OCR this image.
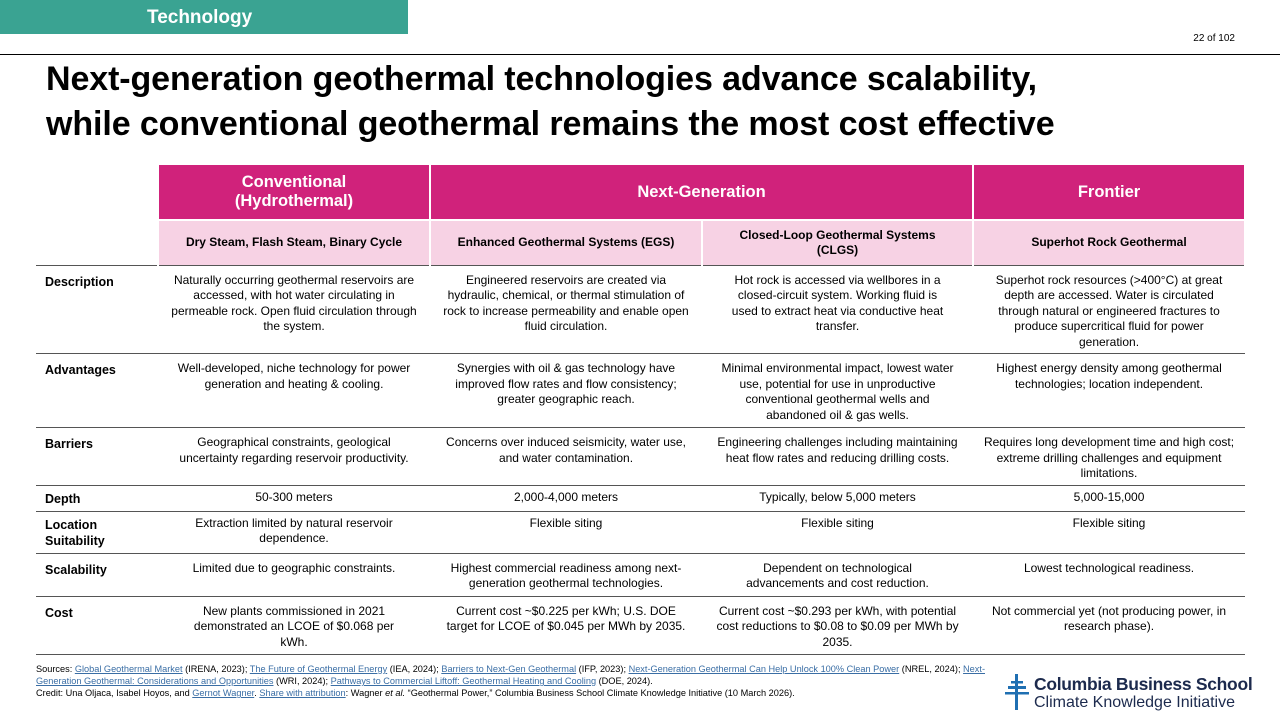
Technology
22 of 102
Next-generation geothermal technologies advance scalability,
while conventional geothermal remains the most cost effective
	Conventional (Hydrothermal)	Next-Generation		Frontier
	Dry Steam, Flash Steam, Binary Cycle	Enhanced Geothermal Systems (EGS)	Closed-Loop Geothermal Systems (CLGS)	Superhot Rock Geothermal
Description	Naturally occurring geothermal reservoirs are accessed, with hot water circulating in permeable rock. Open fluid circulation through the system.	Engineered reservoirs are created via hydraulic, chemical, or thermal stimulation of rock to increase permeability and enable open fluid circulation.	Hot rock is accessed via wellbores in a closed-circuit system. Working fluid is used to extract heat via conductive heat transfer.	Superhot rock resources (>400°C) at great depth are accessed. Water is circulated through natural or engineered fractures to produce supercritical fluid for power generation.
Advantages	Well-developed, niche technology for power generation and heating & cooling.	Synergies with oil & gas technology have improved flow rates and flow consistency; greater geographic reach.	Minimal environmental impact, lowest water use, potential for use in unproductive conventional geothermal wells and abandoned oil & gas wells.	Highest energy density among geothermal technologies; location independent.
Barriers	Geographical constraints, geological uncertainty regarding reservoir productivity.	Concerns over induced seismicity, water use, and water contamination.	Engineering challenges including maintaining heat flow rates and reducing drilling costs.	Requires long development time and high cost; extreme drilling challenges and equipment limitations.
Depth	50-300 meters	2,000-4,000 meters	Typically, below 5,000 meters	5,000-15,000
Location Suitability	Extraction limited by natural reservoir dependence.	Flexible siting	Flexible siting	Flexible siting
Scalability	Limited due to geographic constraints.	Highest commercial readiness among next-generation geothermal technologies.	Dependent on technological advancements and cost reduction.	Lowest technological readiness.
Cost	New plants commissioned in 2021 demonstrated an LCOE of $0.068 per kWh.	Current cost ~$0.225 per kWh; U.S. DOE target for LCOE of $0.045 per MWh by 2035.	Current cost ~$0.293 per kWh, with potential cost reductions to $0.08 to $0.09 per MWh by 2035.	Not commercial yet (not producing power, in research phase).
Sources: Global Geothermal Market (IRENA, 2023); The Future of Geothermal Energy (IEA, 2024); Barriers to Next-Gen Geothermal (IFP, 2023); Next-Generation Geothermal Can Help Unlock 100% Clean Power (NREL, 2024); Next-Generation Geothermal: Considerations and Opportunities (WRI, 2024); Pathways to Commercial Liftoff: Geothermal Heating and Cooling (DOE, 2024).
Credit: Una Oljaca, Isabel Hoyos, and Gernot Wagner. Share with attribution: Wagner et al. “Geothermal Power,” Columbia Business School Climate Knowledge Initiative (10 March 2026).	Columbia Business School
Climate Knowledge Initiative
